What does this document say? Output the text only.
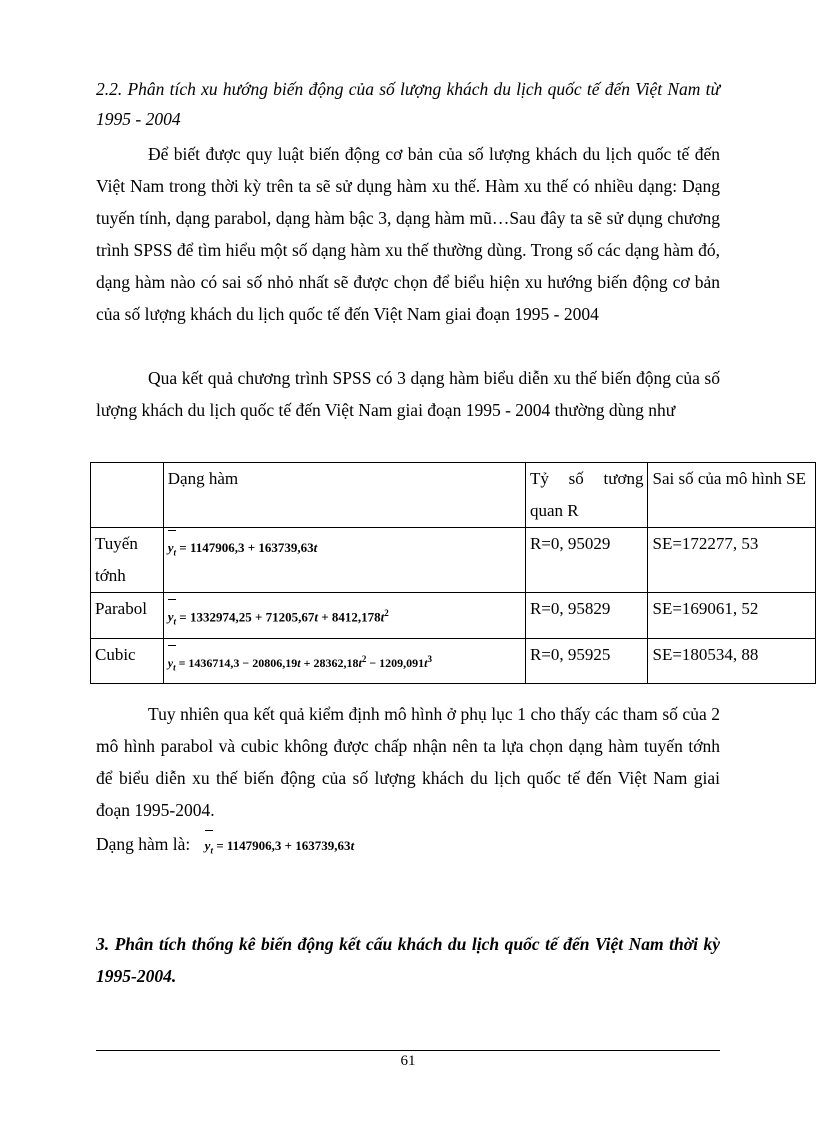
2.2. Phân tích xu hướng biến động của số lượng khách du lịch quốc tế đến Việt Nam từ 1995 - 2004

Để biết được quy luật biến động cơ bản của số lượng khách du lịch quốc tế đến Việt Nam trong thời kỳ trên ta sẽ sử dụng hàm xu thế. Hàm xu thế có nhiều dạng: Dạng tuyến tính, dạng parabol, dạng hàm bậc 3, dạng hàm mũ…Sau đây ta sẽ sử dụng chương trình SPSS để tìm hiểu một số dạng hàm xu thế thường dùng. Trong số các dạng hàm đó, dạng hàm nào có sai số nhỏ nhất sẽ được chọn để biểu hiện xu hướng biến động cơ bản của số lượng khách du lịch quốc tế đến Việt Nam giai đoạn 1995 - 2004

Qua kết quả chương trình SPSS có 3 dạng hàm biểu diễn xu thế biến động của số lượng khách du lịch quốc tế đến Việt Nam giai đoạn 1995 - 2004 thường dùng như

	Dạng hàm	Tỷ số tương quan R	Sai số của mô hình SE
Tuyến tớnh	$y_t = 1147906,3 + 163739,63t$	R=0, 95029	SE=172277, 53
Parabol	$y_t = 1332974,25 + 71205,67t + 8412,178t^2$	R=0, 95829	SE=169061, 52
Cubic	$y_t = 1436714,3 - 20806,19t + 28362,18t^2 - 1209,091t^3$	R=0, 95925	SE=180534, 88

Tuy nhiên qua kết quả kiểm định mô hình ở phụ lục 1 cho thấy các tham số của 2 mô hình parabol và cubic không được chấp nhận nên ta lựa chọn dạng hàm tuyến tớnh để biểu diễn xu thế biến động của số lượng khách du lịch quốc tế đến Việt Nam giai đoạn 1995-2004.

Dạng hàm là: $y_t = 1147906,3 + 163739,63t$
3. Phân tích thống kê biến động kết cấu khách du lịch quốc tế đến Việt Nam thời kỳ 1995-2004.
61
